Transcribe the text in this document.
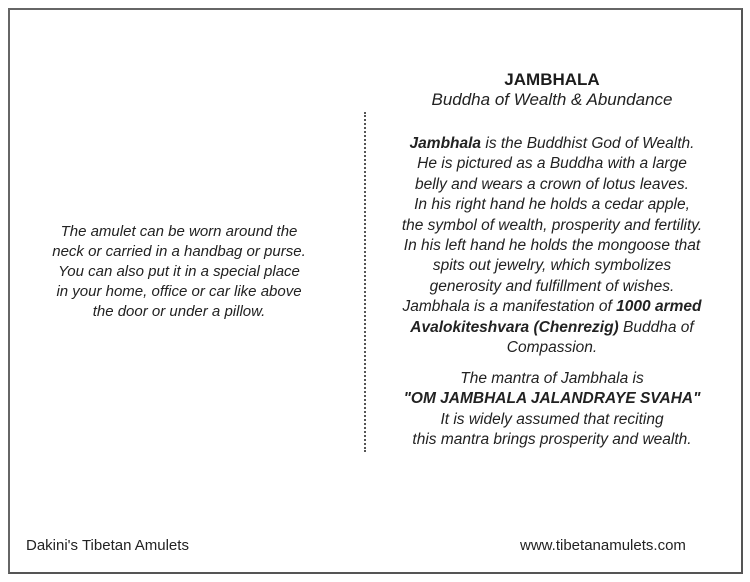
The amulet can be worn around the
neck or carried in a handbag or purse.
You can also put it in a special place
in your home, office or car like above
the door or under a pillow.
JAMBHALA
Buddha of Wealth & Abundance
Jambhala is the Buddhist God of Wealth.
He is pictured as a Buddha with a large
belly and wears a crown of lotus leaves.
In his right hand he holds a cedar apple,
the symbol of wealth, prosperity and fertility.
In his left hand he holds the mongoose that
spits out jewelry, which symbolizes
generosity and fulfillment of wishes.
Jambhala is a manifestation of 1000 armed
Avalokiteshvara (Chenrezig) Buddha of
Compassion.
The mantra of Jambhala is
"OM JAMBHALA JALANDRAYE SVAHA"
It is widely assumed that reciting
this mantra brings prosperity and wealth.
Dakini's Tibetan Amulets	www.tibetanamulets.com
